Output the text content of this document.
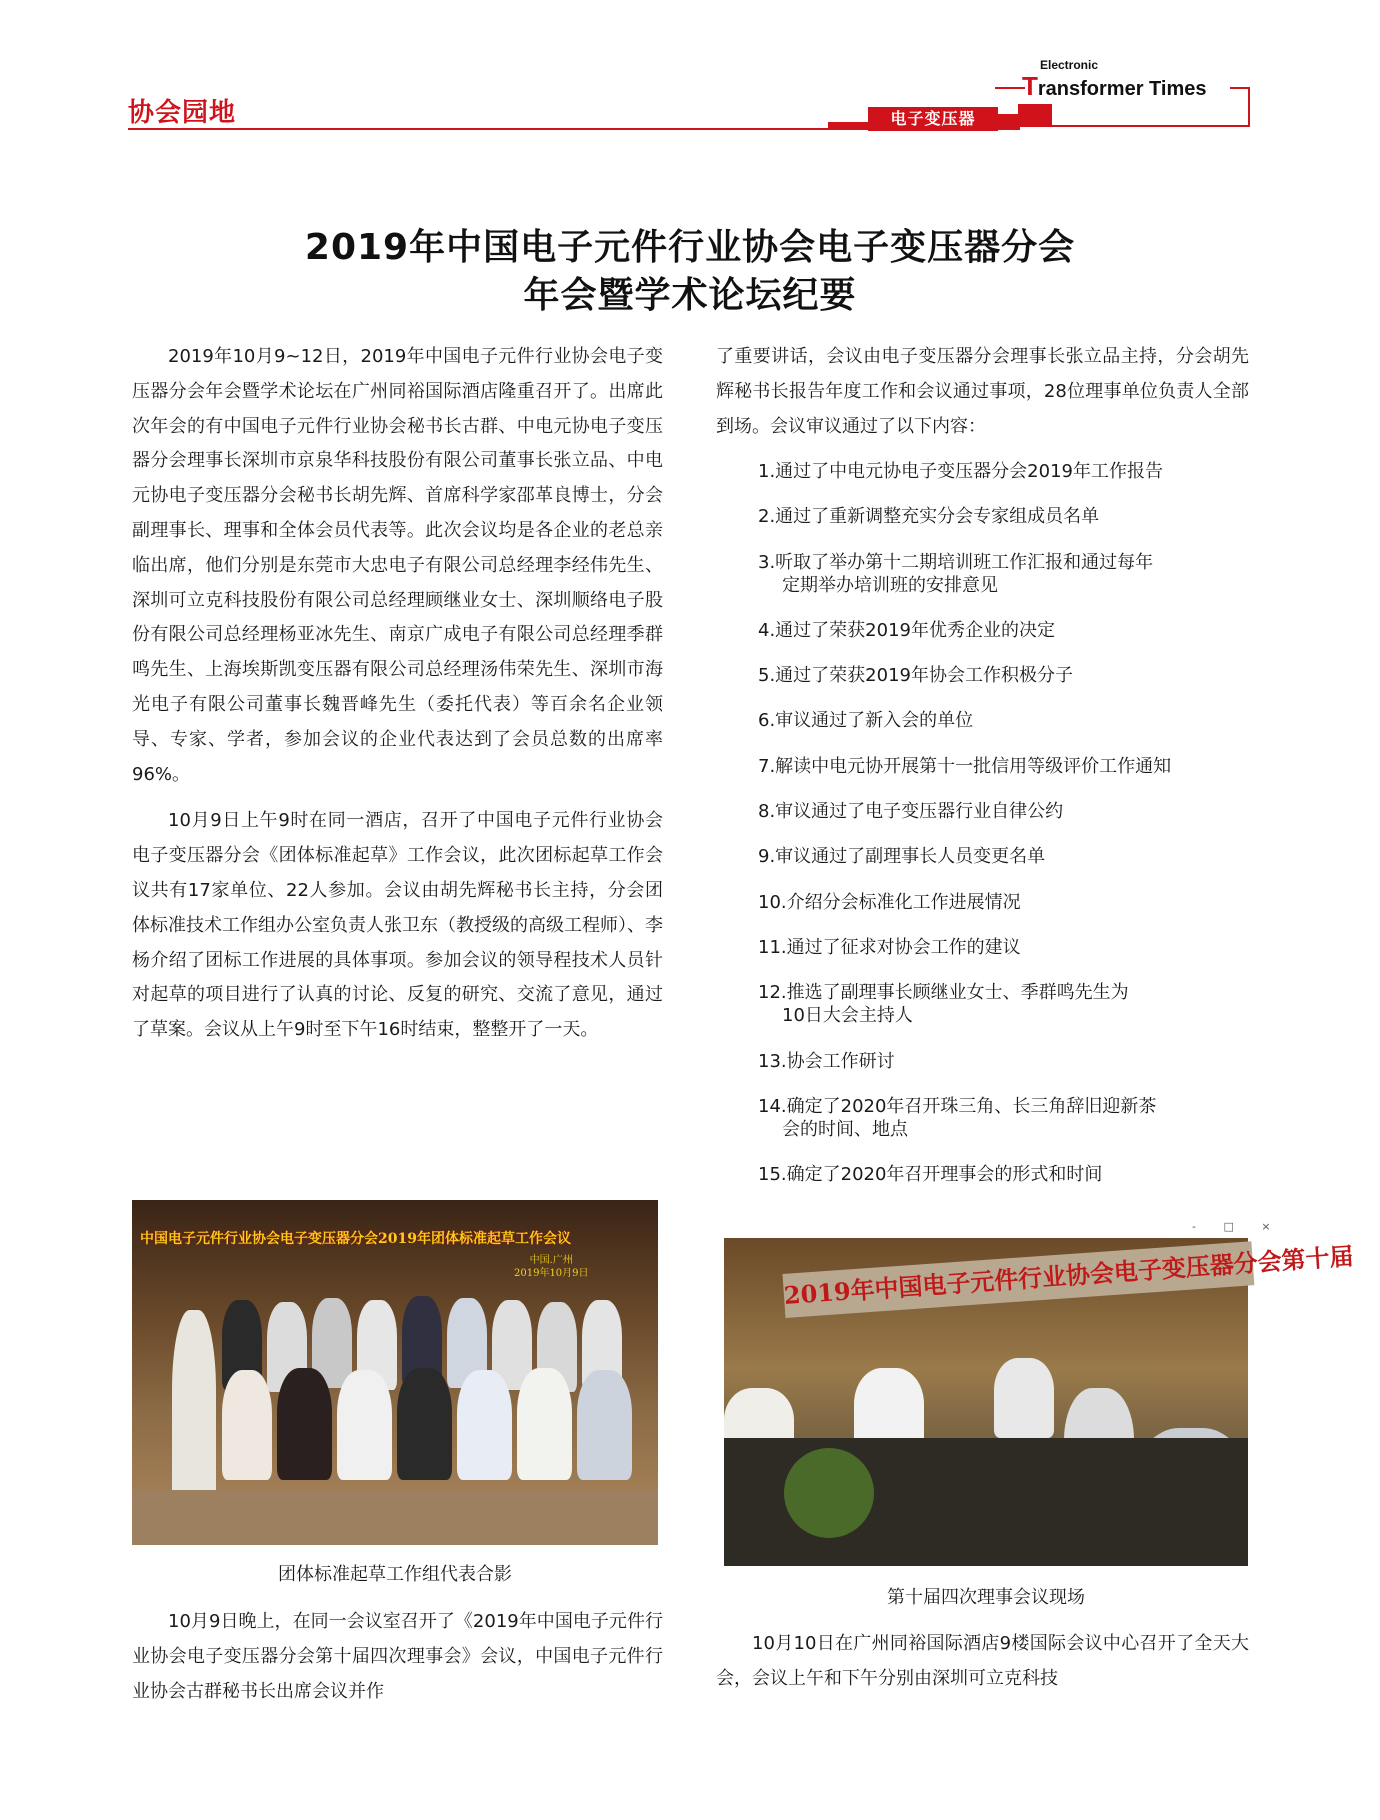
协会园地	电子变压器
Electronic
Transformer Times
2019年中国电子元件行业协会电子变压器分会
年会暨学术论坛纪要

2019年10月9~12日，2019年中国电子元件行业协会电子变压器分会年会暨学术论坛在广州同裕国际酒店隆重召开了。出席此次年会的有中国电子元件行业协会秘书长古群、中电元协电子变压器分会理事长深圳市京泉华科技股份有限公司董事长张立品、中电元协电子变压器分会秘书长胡先辉、首席科学家邵革良博士，分会副理事长、理事和全体会员代表等。此次会议均是各企业的老总亲临出席，他们分别是东莞市大忠电子有限公司总经理李经伟先生、深圳可立克科技股份有限公司总经理顾继业女士、深圳顺络电子股份有限公司总经理杨亚冰先生、南京广成电子有限公司总经理季群鸣先生、上海埃斯凯变压器有限公司总经理汤伟荣先生、深圳市海光电子有限公司董事长魏晋峰先生（委托代表）等百余名企业领导、专家、学者，参加会议的企业代表达到了会员总数的出席率96%。

10月9日上午9时在同一酒店，召开了中国电子元件行业协会电子变压器分会《团体标准起草》工作会议，此次团标起草工作会议共有17家单位、22人参加。会议由胡先辉秘书长主持，分会团体标准技术工作组办公室负责人张卫东（教授级的高级工程师）、李杨介绍了团标工作进展的具体事项。参加会议的领导程技术人员针对起草的项目进行了认真的讨论、反复的研究、交流了意见，通过了草案。会议从上午9时至下午16时结束，整整开了一天。

了重要讲话，会议由电子变压器分会理事长张立品主持，分会胡先辉秘书长报告年度工作和会议通过事项，28位理事单位负责人全部到场。会议审议通过了以下内容：

1.通过了中电元协电子变压器分会2019年工作报告
2.通过了重新调整充实分会专家组成员名单
3.听取了举办第十二期培训班工作汇报和通过每年
定期举办培训班的安排意见
4.通过了荣获2019年优秀企业的决定
5.通过了荣获2019年协会工作积极分子
6.审议通过了新入会的单位
7.解读中电元协开展第十一批信用等级评价工作通知
8.审议通过了电子变压器行业自律公约
9.审议通过了副理事长人员变更名单
10.介绍分会标准化工作进展情况
11.通过了征求对协会工作的建议
12.推选了副理事长顾继业女士、季群鸣先生为
10日大会主持人
13.协会工作研讨
14.确定了2020年召开珠三角、长三角辞旧迎新茶
会的时间、地点
15.确定了2020年召开理事会的形式和时间
中国电子元件行业协会电子变压器分会2019年团体标准起草工作会议
中国.广州
2019年10月9日
团体标准起草工作组代表合影
- □ ×
2019年中国电子元件行业协会电子变压器分会第十届
第十届四次理事会议现场

10月9日晚上，在同一会议室召开了《2019年中国电子元件行业协会电子变压器分会第十届四次理事会》会议，中国电子元件行业协会古群秘书长出席会议并作

10月10日在广州同裕国际酒店9楼国际会议中心召开了全天大会，会议上午和下午分别由深圳可立克科技
